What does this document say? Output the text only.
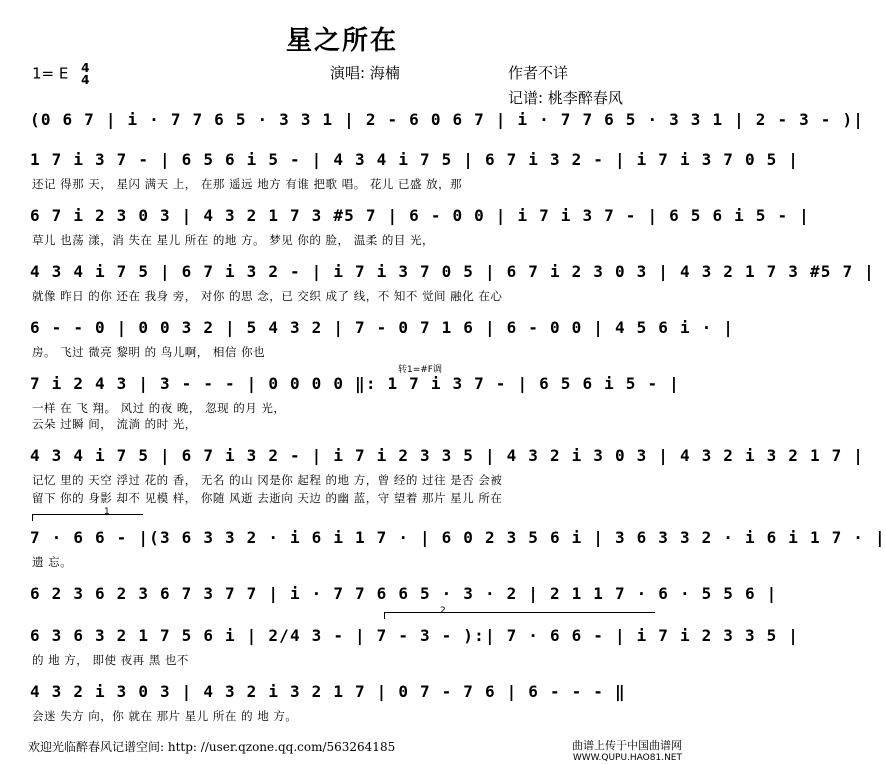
星之所在
1= E 4
4	演唱: 海楠	作者不详
记谱: 桃李醉春风
(0 6 7 | i · 7 7 6 5 · 3 3 1 | 2 - 6 0 6 7 | i · 7 7 6 5 · 3 3 1 | 2 - 3 - )|
1 7 i 3 7 - | 6 5 6 i 5 - | 4 3 4 i 7 5 | 6 7 i 3 2 - | i 7 i 3 7 0 5 |
还记 得那 天， 星闪 满天 上， 在那 遥远 地方 有谁 把歌 唱。 花儿 已盛 放，那
6 7 i 2 3 0 3 | 4 3 2 1 7 3 #5 7 | 6 - 0 0 | i 7 i 3 7 - | 6 5 6 i 5 - |
草儿 也荡 漾，消 失在 星儿 所在 的地 方。 梦见 你的 脸， 温柔 的目 光，
4 3 4 i 7 5 | 6 7 i 3 2 - | i 7 i 3 7 0 5 | 6 7 i 2 3 0 3 | 4 3 2 1 7 3 #5 7 |
就像 昨日 的你 还在 我身 旁， 对你 的思 念，已 交织 成了 线，不 知不 觉间 融化 在心
6 - - 0 | 0 0 3 2 | 5 4 3 2 | 7 - 0 7 1 6 | 6 - 0 0 | 4 5 6 i · |
房。 飞过 微亮 黎明 的 鸟儿啊， 相信 你也
转1=#F调
7 i 2 4 3 | 3 - - - | 0 0 0 0 ‖: 1 7 i 3 7 - | 6 5 6 i 5 - |
一样 在 飞 翔。 风过 的夜 晚， 忽现 的月 光，
云朵 过瞬 间， 流淌 的时 光，
4 3 4 i 7 5 | 6 7 i 3 2 - | i 7 i 2 3 3 5 | 4 3 2 i 3 0 3 | 4 3 2 i 3 2 1 7 |
记忆 里的 天空 浮过 花的 香， 无名 的山 冈是你 起程 的地 方，曾 经的 过往 是否 会被
留下 你的 身影 却不 见模 样， 你随 风逝 去逝向 天边 的幽 蓝，守 望着 那片 星儿 所在
1
7 · 6 6 - |(3 6 3 3 2 · i 6 i 1 7 · | 6 0 2 3 5 6 i | 3 6 3 3 2 · i 6 i 1 7 · |
遗 忘。
6 2 3 6 2 3 6 7 3 7 7 | i · 7 7 6 6 5 · 3 · 2 | 2 1 1 7 · 6 · 5 5 6 |
2
6 3 6 3 2 1 7 5 6 i | 2/4 3 - | 7 - 3 - ):| 7 · 6 6 - | i 7 i 2 3 3 5 |
的 地 方， 即使 夜再 黑 也不
4 3 2 i 3 0 3 | 4 3 2 i 3 2 1 7 | 0 7 - 7 6 | 6 - - - ‖
会迷 失方 向，你 就在 那片 星儿 所在 的 地 方。
欢迎光临醉春风记谱空间: http: //user.qzone.qq.com/563264185	曲谱上传于中国曲谱网
WWW.QUPU.HAO81.NET
